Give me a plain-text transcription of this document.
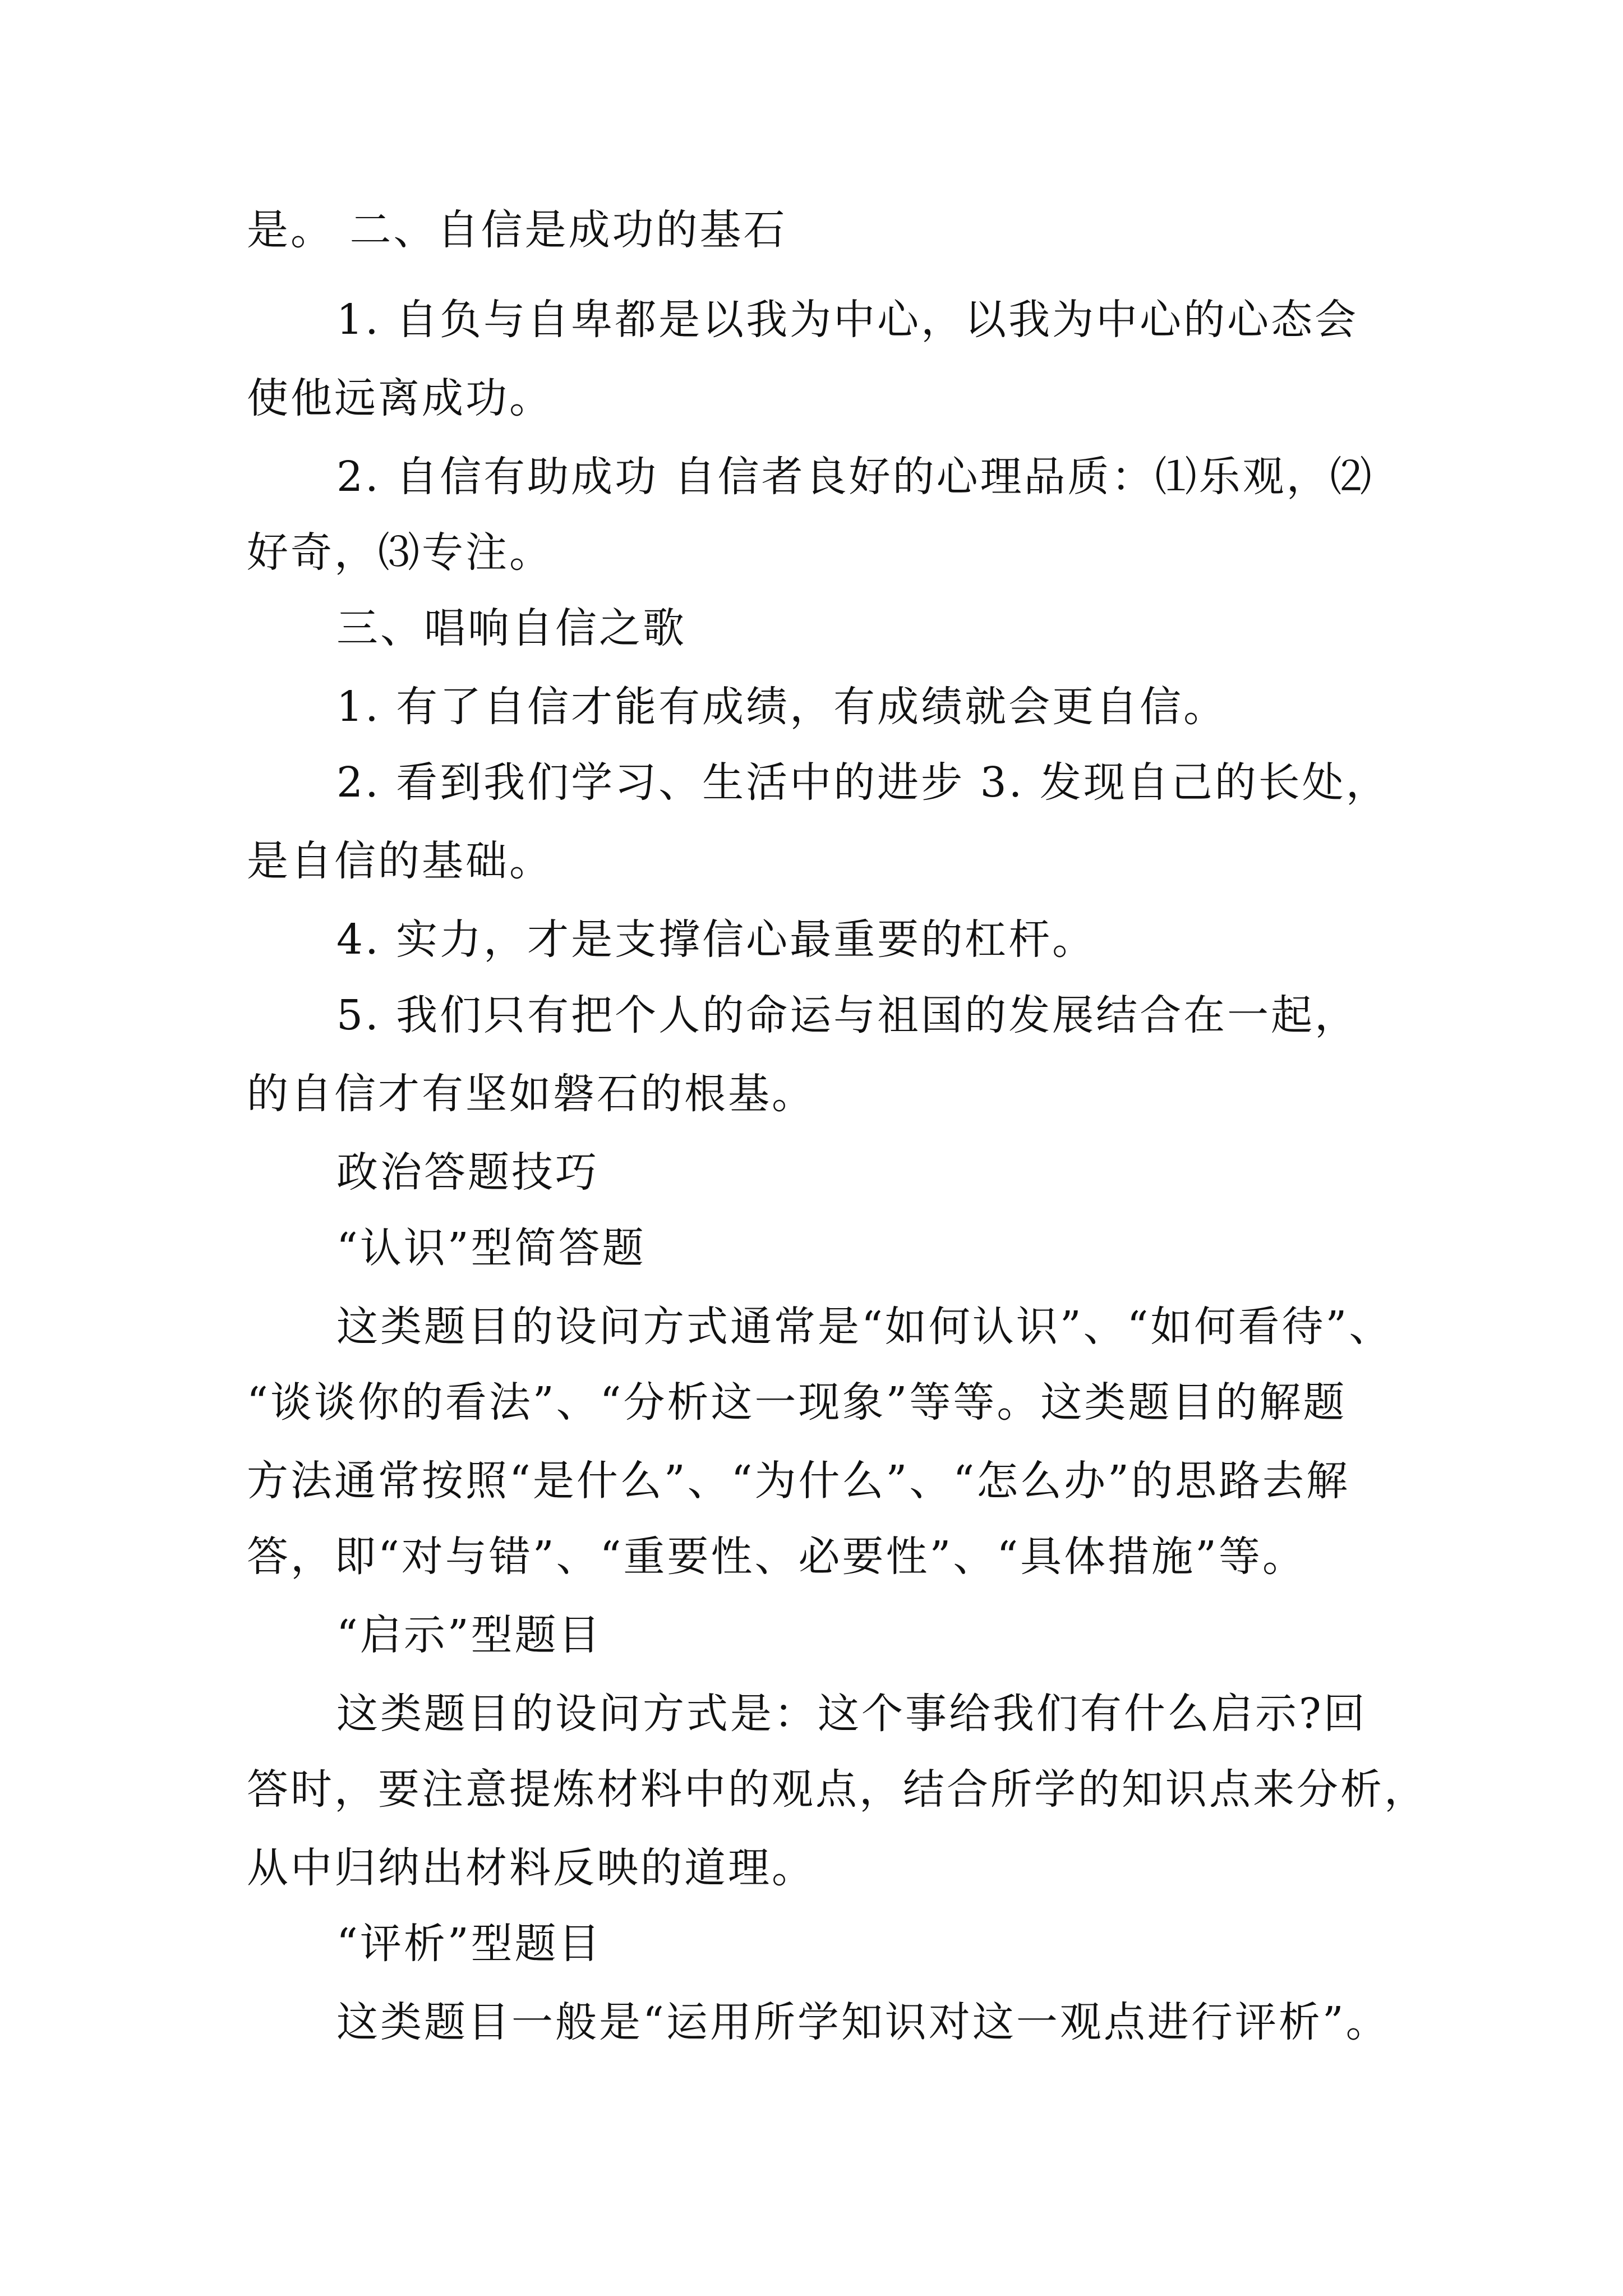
是。 二、自信是成功的基石
1. 自负与自卑都是以我为中心，以我为中心的心态会
使他远离成功。
2. 自信有助成功 自信者良好的心理品质：⑴乐观，⑵
好奇，⑶专注。
三、唱响自信之歌
1. 有了自信才能有成绩，有成绩就会更自信。
2. 看到我们学习、生活中的进步 3. 发现自己的长处，
是自信的基础。
4. 实力，才是支撑信心最重要的杠杆。
5. 我们只有把个人的命运与祖国的发展结合在一起，
的自信才有坚如磐石的根基。
政治答题技巧
“认识”型简答题
这类题目的设问方式通常是“如何认识”、“如何看待”、
“谈谈你的看法”、“分析这一现象”等等。这类题目的解题
方法通常按照“是什么”、“为什么”、“怎么办”的思路去解
答，即“对与错”、“重要性、必要性”、“具体措施”等。
“启示”型题目
这类题目的设问方式是：这个事给我们有什么启示?回
答时，要注意提炼材料中的观点，结合所学的知识点来分析，
从中归纳出材料反映的道理。
“评析”型题目
这类题目一般是“运用所学知识对这一观点进行评析”。
